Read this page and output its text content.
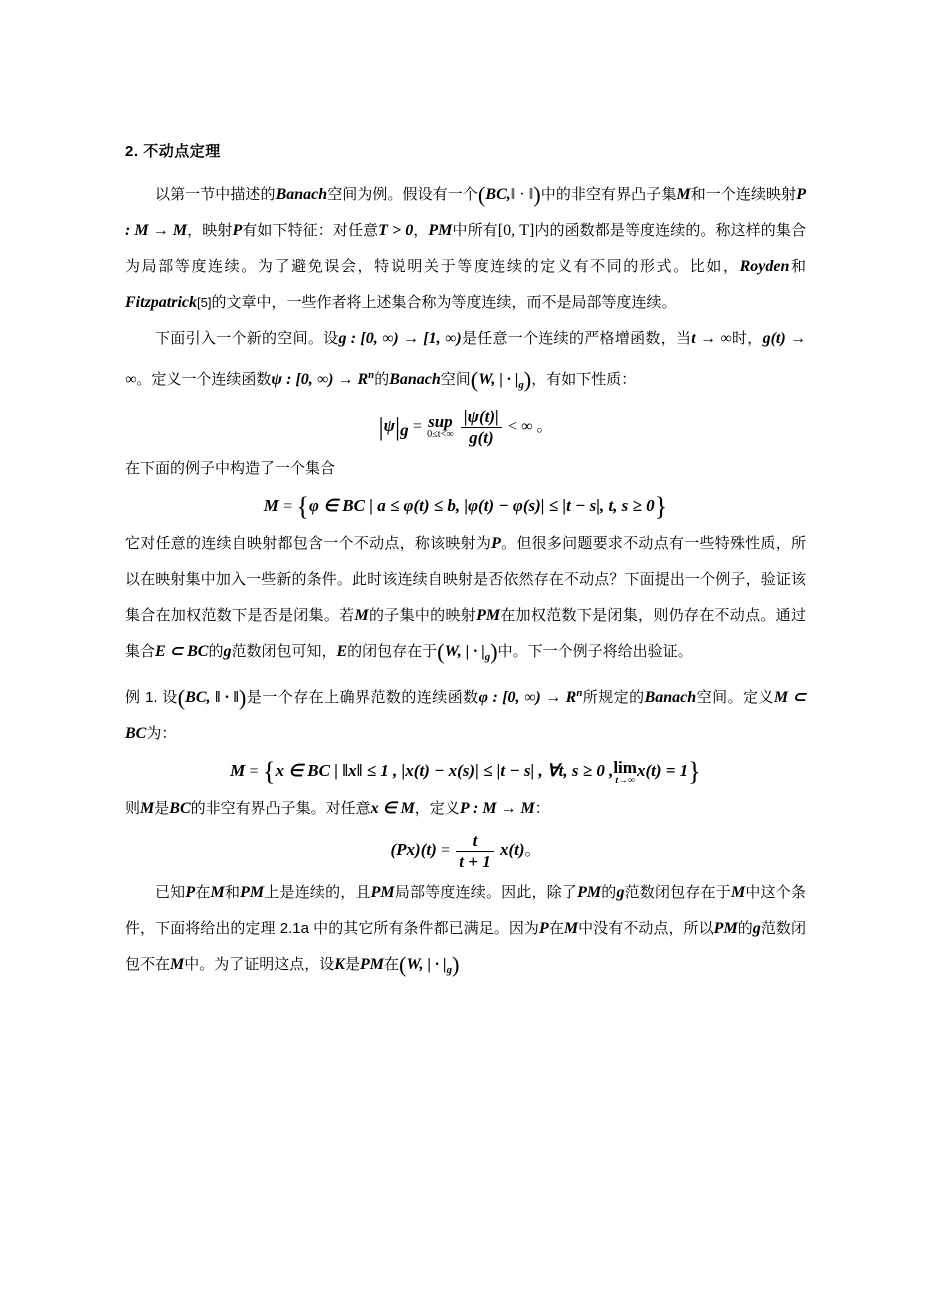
2. 不动点定理

以第一节中描述的Banach空间为例。假设有一个(BC,‖ · ‖)中的非空有界凸子集M和一个连续映射P : M → M，映射P有如下特征：对任意T > 0，PM中所有[0, T]内的函数都是等度连续的。称这样的集合为局部等度连续。为了避免误会，特说明关于等度连续的定义有不同的形式。比如，Royden和Fitzpatrick[5]的文章中，一些作者将上述集合称为等度连续，而不是局部等度连续。

下面引入一个新的空间。设g : [0, ∞) → [1, ∞)是任意一个连续的严格增函数，当t → ∞时，g(t) → ∞。定义一个连续函数ψ : [0, ∞) → $R^n$的Banach空间(W, | · $|_g$)，有如下性质：

|ψ|g = sup
0≤t<∞
$\frac{|\psi(t)|}{g(t)}$ < ∞ 。

在下面的例子中构造了一个集合

M = {φ ∈ BC | a ≤ φ(t) ≤ b, |φ(t) − φ(s)| ≤ |t − s|, t, s ≥ 0}

它对任意的连续自映射都包含一个不动点，称该映射为P。但很多问题要求不动点有一些特殊性质，所以在映射集中加入一些新的条件。此时该连续自映射是否依然存在不动点？下面提出一个例子，验证该集合在加权范数下是否是闭集。若M的子集中的映射PM在加权范数下是闭集，则仍存在不动点。通过集合E ⊂ BC的g范数闭包可知，E的闭包存在于(W, | · $|_g$)中。下一个例子将给出验证。

例 1. 设(BC, ‖ · ‖)是一个存在上确界范数的连续函数φ : [0, ∞) → $R^n$所规定的Banach空间。定义M ⊂ BC为：

M = {x ∈ BC | ‖x‖ ≤ 1 , |x(t) − x(s)| ≤ |t − s| , ∀t, s ≥ 0 , lim
t→∞
x(t) = 1}

则M是BC的非空有界凸子集。对任意x ∈ M，定义P : M → M：

$(Px)(t) = \frac{t}{t + 1} x(t)$。

已知P在M和PM上是连续的，且PM局部等度连续。因此，除了PM的g范数闭包存在于M中这个条件，下面将给出的定理 2.1a 中的其它所有条件都已满足。因为P在M中没有不动点，所以PM的g范数闭包不在M中。为了证明这点，设K是PM在(W, | · $|_g$)
